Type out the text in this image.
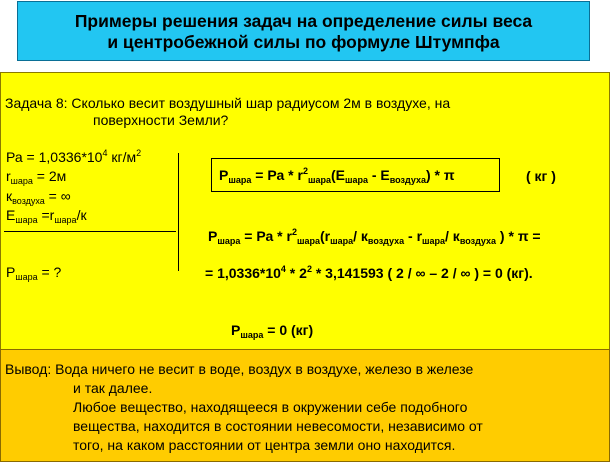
Примеры решения задач на определение силы веса
и центробежной силы по формуле Штумпфа
Задача 8: Сколько весит воздушный шар радиусом 2м в воздухе, на
поверхности Земли?
Ра = $1,0336*10^4$ $кг/м^2$
$r_{шара} = 2м$
$к_{воздуха}$ = ∞
$Е_{шара} =r_{шара}/к$
$Р_{шара}$ = ?
$Р_{шара}$ = Ра * $r^2_{шара}(Е_{шара} - Е_{воздуха})$ * π	( кг )
$Р_{шара}$ = Ра * $r^2_{шара}(r_{шара}/$ $к_{воздуха} - r_{шара}/$ $к_{воздуха}$ ) * π =
= $1,0336*10^4 * 2^2 * 3,141593$ ( 2 / ∞ – 2 / ∞ ) = 0 (кг).
$Р_{шара} = 0$ (кг)
Вывод: Вода ничего не весит в воде, воздух в воздухе, железо в железе
и так далее.
Любое вещество, находящееся в окружении себе подобного
вещества, находится в состоянии невесомости, независимо от
того, на каком расстоянии от центра земли оно находится.
